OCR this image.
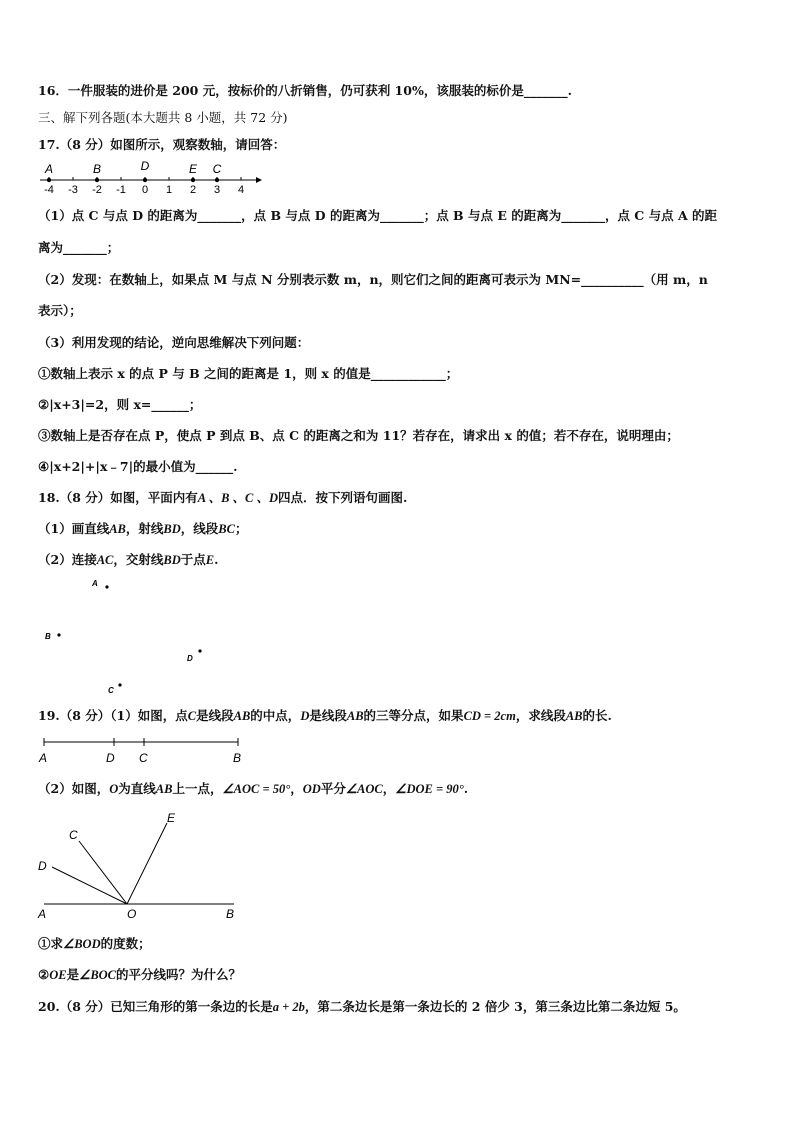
16．一件服装的进价是 200 元，按标价的八折销售，仍可获利 10%，该服装的标价是_______.
三、解下列各题(本大题共 8 小题，共 72 分)
17.（8 分）如图所示，观察数轴，请回答：
-4 -3 -2 -1 0 1 2 3 4
A	B	D	E C
（1）点 C 与点 D 的距离为_______，点 B 与点 D 的距离为_______；点 B 与点 E 的距离为_______，点 C 与点 A 的距
离为_______；
（2）发现：在数轴上，如果点 M 与点 N 分别表示数 m，n，则它们之间的距离可表示为 MN=__________（用 m，n
表示）；
（3）利用发现的结论，逆向思维解决下列问题：
①数轴上表示 x 的点 P 与 B 之间的距离是 1，则 x 的值是____________；
②|x+3|=2，则 x=______；
③数轴上是否存在点 P，使点 P 到点 B、点 C 的距离之和为 11？若存在，请求出 x 的值；若不存在，说明理由；
④|x+2|+|x﹣7|的最小值为______.
18.（8 分）如图，平面内有A 、B 、C 、D四点．按下列语句画图.
（1）画直线AB，射线BD，线段BC；
（2）连接AC，交射线BD于点E.
A
B
D
C
19.（8 分）（1）如图，点C是线段AB的中点，D是线段AB的三等分点，如果CD = 2cm，求线段AB的长.
A	D C	B
（2）如图，O为直线AB上一点，∠AOC = 50°，OD平分∠AOC，∠DOE = 90°.
C
E
D
A	O	B
①求∠BOD的度数；
②OE是∠BOC的平分线吗？为什么？
20.（8 分）已知三角形的第一条边的长是a + 2b，第二条边长是第一条边长的 2 倍少 3，第三条边比第二条边短 5。
